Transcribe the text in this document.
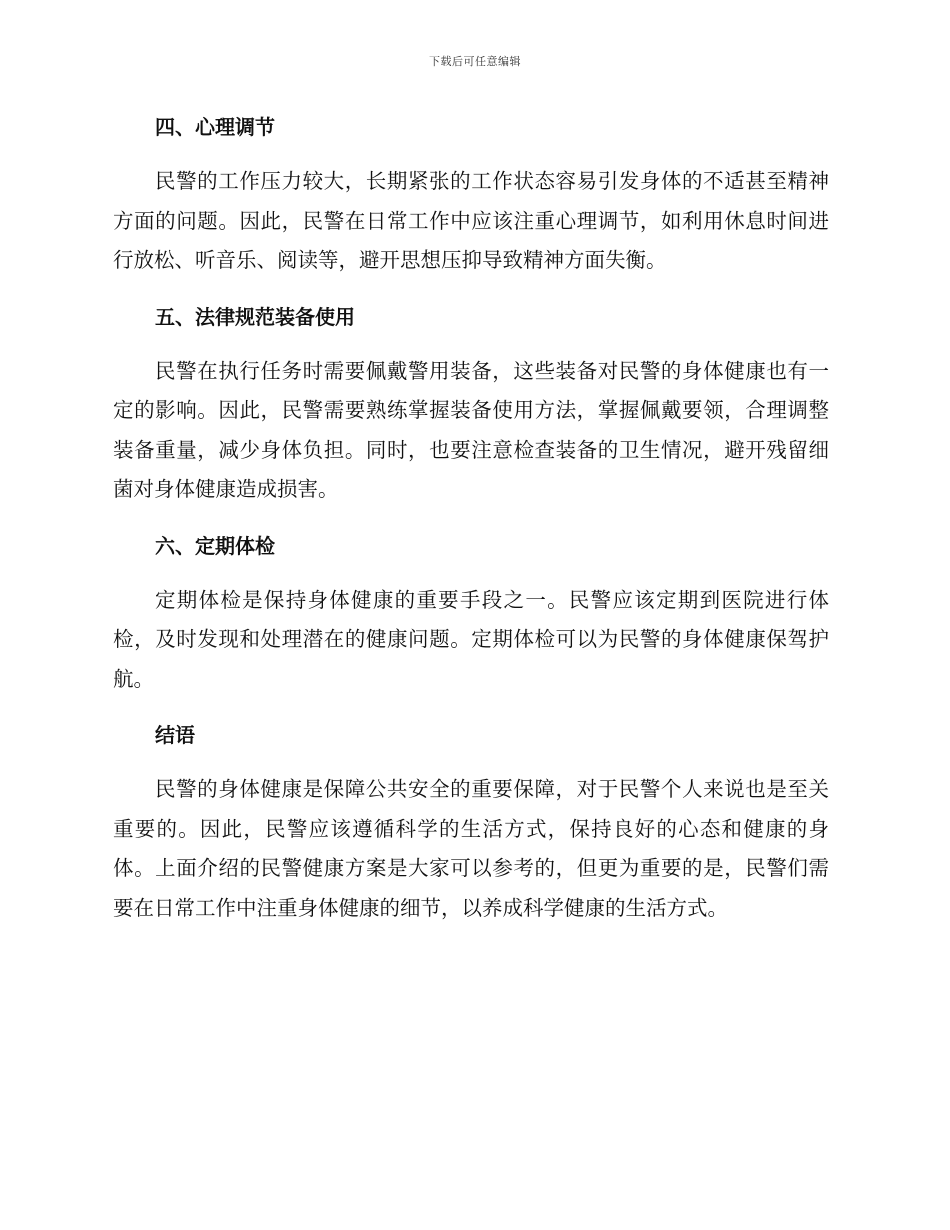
下载后可任意编辑
四、心理调节

民警的工作压力较大，长期紧张的工作状态容易引发身体的不适甚至精神方面的问题。因此，民警在日常工作中应该注重心理调节，如利用休息时间进行放松、听音乐、阅读等，避开思想压抑导致精神方面失衡。

五、法律规范装备使用

民警在执行任务时需要佩戴警用装备，这些装备对民警的身体健康也有一定的影响。因此，民警需要熟练掌握装备使用方法，掌握佩戴要领，合理调整装备重量，减少身体负担。同时，也要注意检查装备的卫生情况，避开残留细菌对身体健康造成损害。

六、定期体检

定期体检是保持身体健康的重要手段之一。民警应该定期到医院进行体检，及时发现和处理潜在的健康问题。定期体检可以为民警的身体健康保驾护航。

结语

民警的身体健康是保障公共安全的重要保障，对于民警个人来说也是至关重要的。因此，民警应该遵循科学的生活方式，保持良好的心态和健康的身体。上面介绍的民警健康方案是大家可以参考的，但更为重要的是，民警们需要在日常工作中注重身体健康的细节，以养成科学健康的生活方式。
